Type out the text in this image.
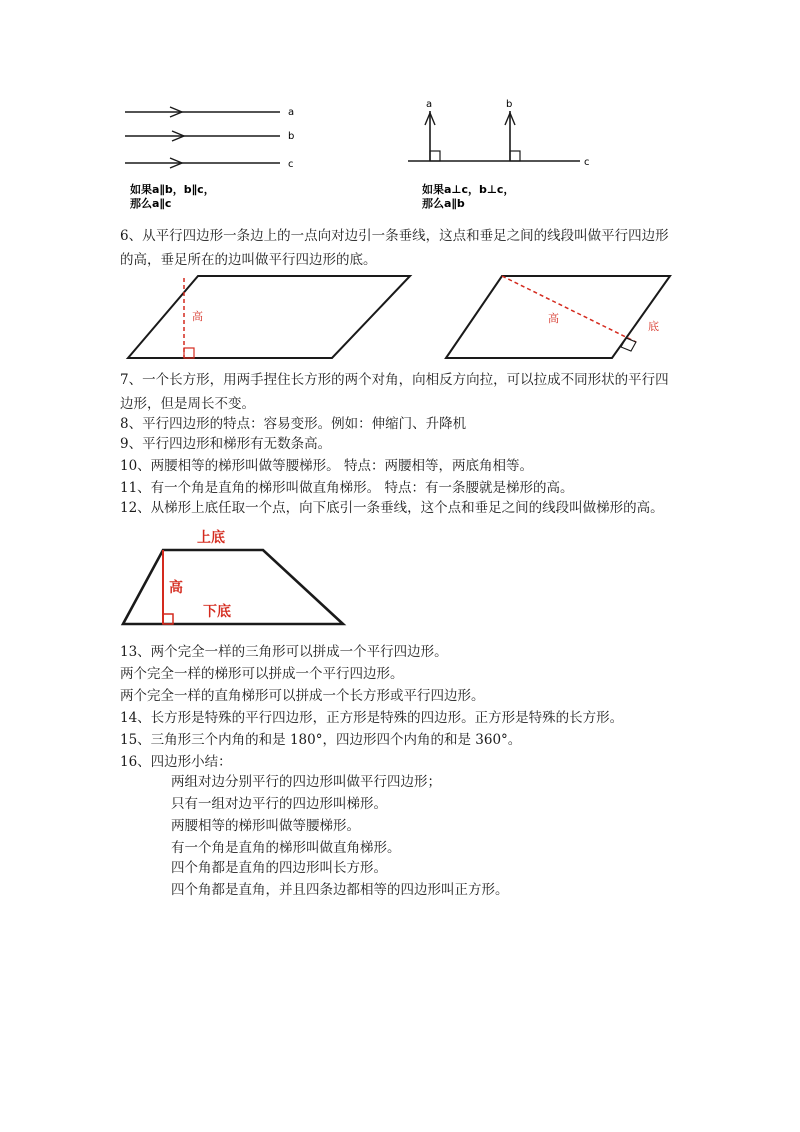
a
b
c
如果a∥b，b∥c，
那么a∥c
a	b
c
如果a⊥c，b⊥c，
那么a∥b
6、从平行四边形一条边上的一点向对边引一条垂线，这点和垂足之间的线段叫做平行四边形的高，垂足所在的边叫做平行四边形的底。
高	高
底
7、一个长方形，用两手捏住长方形的两个对角，向相反方向拉，可以拉成不同形状的平行四边形，但是周长不变。
8、平行四边形的特点：容易变形。例如：伸缩门、升降机
9、平行四边形和梯形有无数条高。
10、两腰相等的梯形叫做等腰梯形。 特点：两腰相等，两底角相等。
11、有一个角是直角的梯形叫做直角梯形。 特点：有一条腰就是梯形的高。
12、从梯形上底任取一个点，向下底引一条垂线，这个点和垂足之间的线段叫做梯形的高。
上底
高
下底
13、两个完全一样的三角形可以拼成一个平行四边形。
两个完全一样的梯形可以拼成一个平行四边形。
两个完全一样的直角梯形可以拼成一个长方形或平行四边形。
14、长方形是特殊的平行四边形，正方形是特殊的四边形。正方形是特殊的长方形。
15、三角形三个内角的和是 180°，四边形四个内角的和是 360°。
16、四边形小结：
两组对边分别平行的四边形叫做平行四边形；
只有一组对边平行的四边形叫梯形。
两腰相等的梯形叫做等腰梯形。
有一个角是直角的梯形叫做直角梯形。
四个角都是直角的四边形叫长方形。
四个角都是直角，并且四条边都相等的四边形叫正方形。
